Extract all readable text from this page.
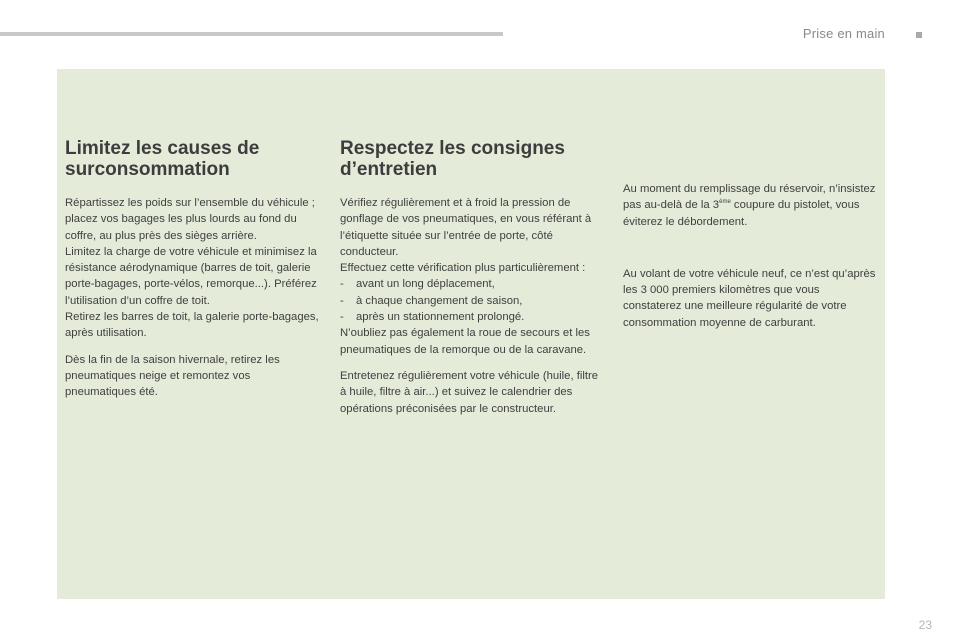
Prise en main
Limitez les causes de
surconsommation

Répartissez les poids sur l’ensemble du véhicule ; placez vos bagages les plus lourds au fond du coffre, au plus près des sièges arrière.

Limitez la charge de votre véhicule et minimisez la résistance aérodynamique (barres de toit, galerie porte-bagages, porte-vélos, remorque...). Préférez l’utilisation d’un coffre de toit.

Retirez les barres de toit, la galerie porte-bagages, après utilisation.

Dès la fin de la saison hivernale, retirez les pneumatiques neige et remontez vos pneumatiques été.

Respectez les consignes
d’entretien

Vérifiez régulièrement et à froid la pression de gonflage de vos pneumatiques, en vous référant à l’étiquette située sur l’entrée de porte, côté conducteur.

Effectuez cette vérification plus particulièrement :

-	avant un long déplacement,
-	à chaque changement de saison,
-	après un stationnement prolongé.

N’oubliez pas également la roue de secours et les pneumatiques de la remorque ou de la caravane.

Entretenez régulièrement votre véhicule (huile, filtre à huile, filtre à air...) et suivez le calendrier des opérations préconisées par le constructeur.

Au moment du remplissage du réservoir, n’insistez pas au-delà de la 3ème coupure du pistolet, vous éviterez le débordement.

Au volant de votre véhicule neuf, ce n’est qu’après les 3 000 premiers kilomètres que vous constaterez une meilleure régularité de votre consommation moyenne de carburant.

23
